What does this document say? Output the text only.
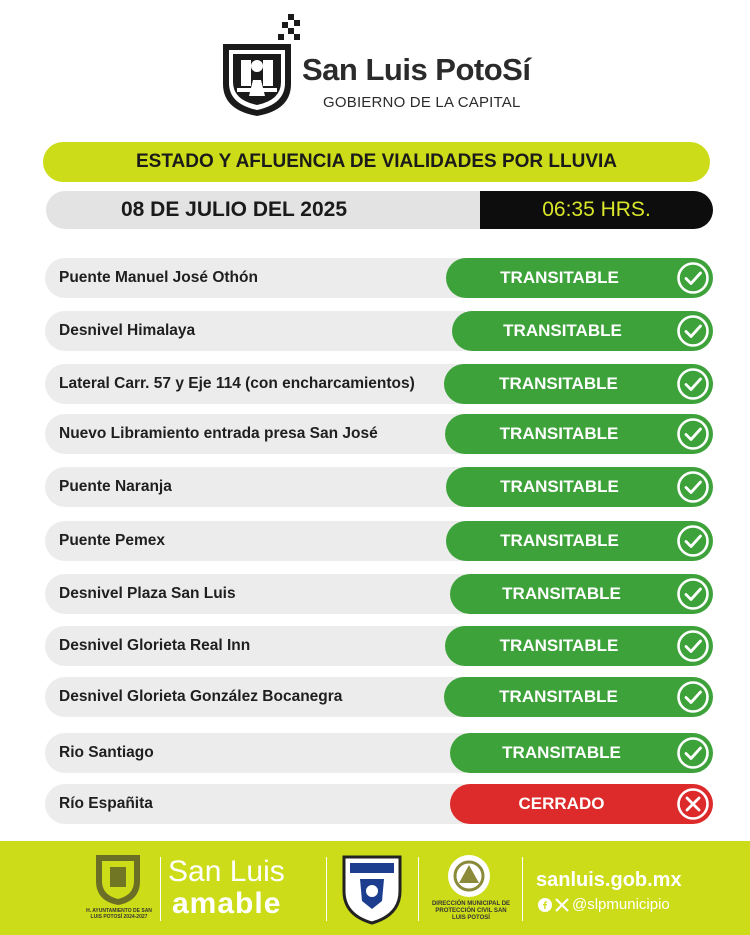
San Luis PotoSí
GOBIERNO DE LA CAPITAL
ESTADO Y AFLUENCIA DE VIALIDADES POR LLUVIA
08 DE JULIO DEL 2025	06:35 HRS.
Puente Manuel José Othón	TRANSITABLE
Desnivel Himalaya	TRANSITABLE
Lateral Carr. 57 y Eje 114 (con encharcamientos)	TRANSITABLE
Nuevo Libramiento entrada presa San José	TRANSITABLE
Puente Naranja	TRANSITABLE
Puente Pemex	TRANSITABLE
Desnivel Plaza San Luis	TRANSITABLE
Desnivel Glorieta Real Inn	TRANSITABLE
Desnivel Glorieta González Bocanegra	TRANSITABLE
Rio Santiago	TRANSITABLE
Río Españita	CERRADO
H. AYUNTAMIENTO DE SAN LUIS POTOSÍ 2024-2027
San Luis
amable	DIRECCIÓN MUNICIPAL DE PROTECCIÓN CIVIL SAN LUIS POTOSÍ
sanluis.gob.mx
@slpmunicipio
